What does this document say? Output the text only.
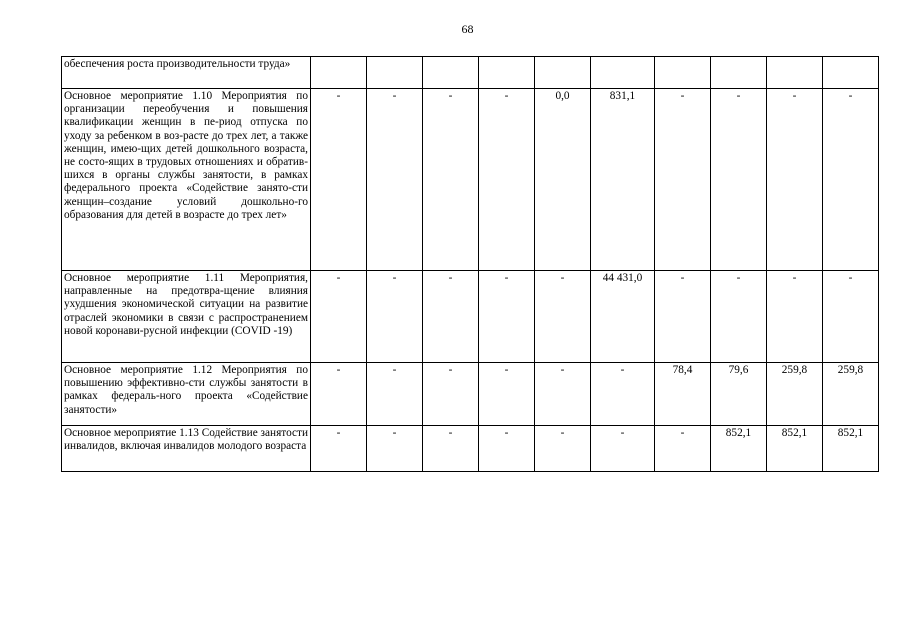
68
обеспечения роста производительности труда»										
Основное мероприятие 1.10 Мероприятия по организации переобучения и повышения квалификации женщин в пе-риод отпуска по уходу за ребенком в воз-расте до трех лет, а также женщин, имею-щих детей дошкольного возраста, не состо-ящих в трудовых отношениях и обратив-шихся в органы службы занятости, в рамках федерального проекта «Содействие занято-сти женщин–создание условий дошкольно-го образования для детей в возрасте до трех лет»	-	-	-	-	0,0	831,1	-	-	-	-
Основное мероприятие 1.11 Мероприятия, направленные на предотвра-щение влияния ухудшения экономической ситуации на развитие отраслей экономики в связи с распространением новой коронави-русной инфекции (COVID -19)	-	-	-	-	-	44 431,0	-	-	-	-
Основное мероприятие 1.12 Мероприятия по повышению эффективно-сти службы занятости в рамках федераль-ного проекта «Содействие занятости»	-	-	-	-	-	-	78,4	79,6	259,8	259,8
Основное мероприятие 1.13 Содействие занятости инвалидов, включая инвалидов молодого возраста	-	-	-	-	-	-	-	852,1	852,1	852,1
